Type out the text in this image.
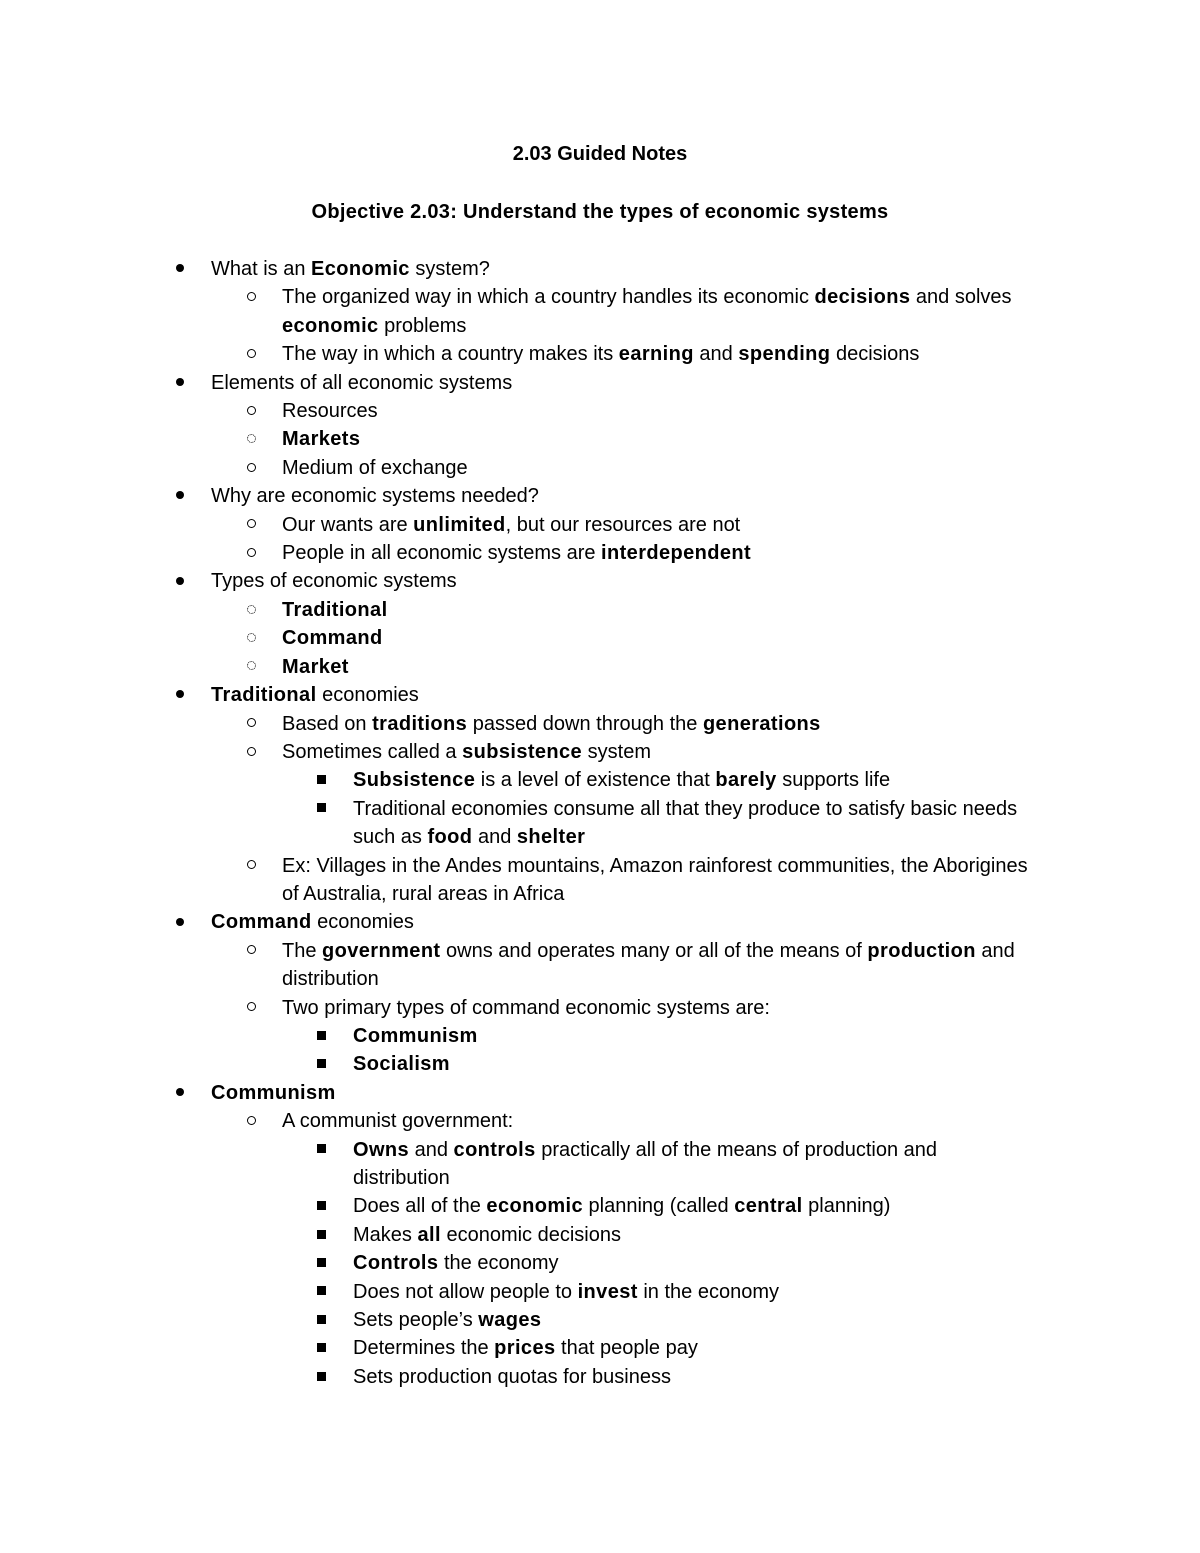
2.03 Guided Notes
Objective 2.03: Understand the types of economic systems
What is an Economic system?
The organized way in which a country handles its economic decisions and solves economic problems
The way in which a country makes its earning and spending decisions
Elements of all economic systems
Resources
Markets
Medium of exchange
Why are economic systems needed?
Our wants are unlimited, but our resources are not
People in all economic systems are interdependent
Types of economic systems
Traditional
Command
Market
Traditional economies
Based on traditions passed down through the generations
Sometimes called a subsistence system
Subsistence is a level of existence that barely supports life
Traditional economies consume all that they produce to satisfy basic needs such as food and shelter
Ex: Villages in the Andes mountains, Amazon rainforest communities, the Aborigines of Australia, rural areas in Africa
Command economies
The government owns and operates many or all of the means of production and distribution
Two primary types of command economic systems are:
Communism
Socialism
Communism
A communist government:
Owns and controls practically all of the means of production and distribution
Does all of the economic planning (called central planning)
Makes all economic decisions
Controls the economy
Does not allow people to invest in the economy
Sets people’s wages
Determines the prices that people pay
Sets production quotas for business
